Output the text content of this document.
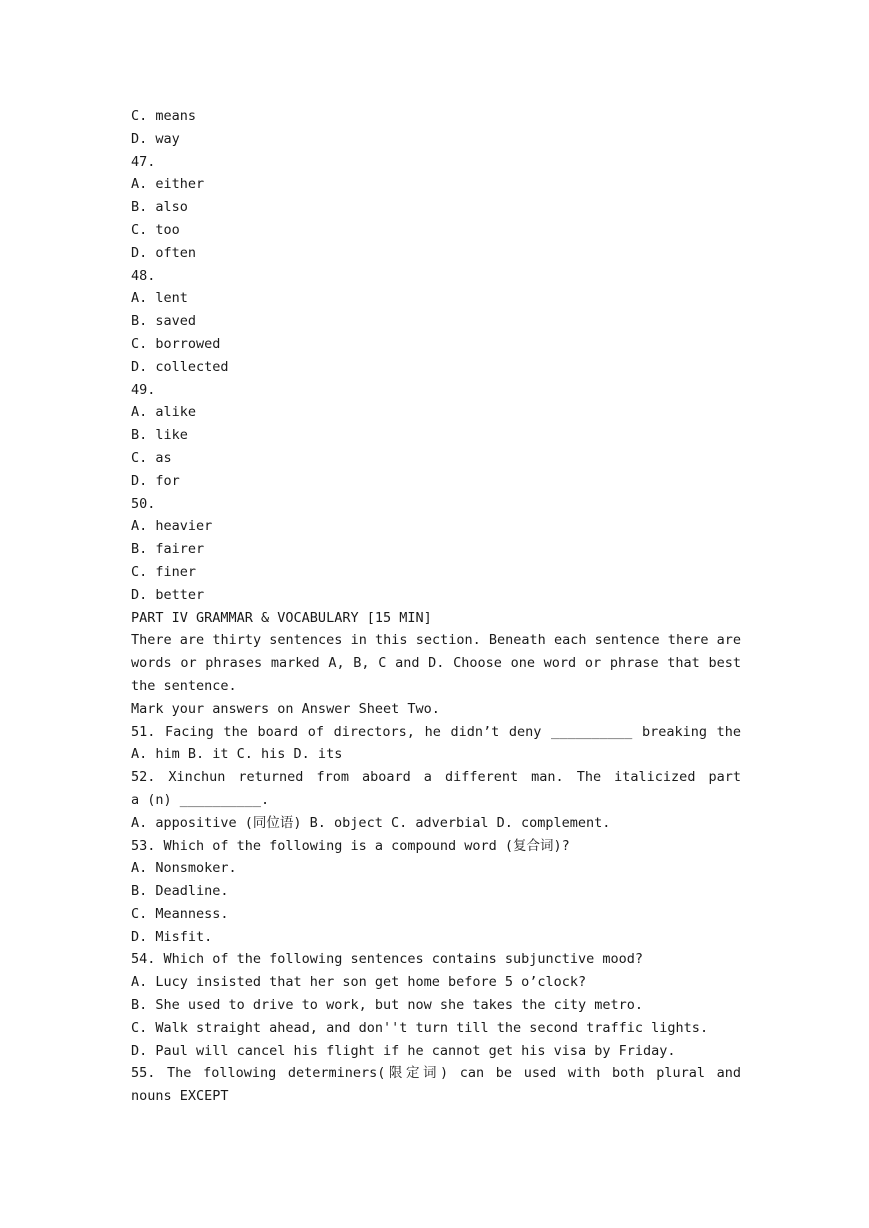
C. means
D. way
47.
A. either
B. also
C. too
D. often
48.
A. lent
B. saved
C. borrowed
D. collected
49.
A. alike
B. like
C. as
D. for
50.
A. heavier
B. fairer
C. finer
D. better
PART IV GRAMMAR & VOCABULARY [15 MIN]
There are thirty sentences in this section. Beneath each sentence there are
words or phrases marked A, B, C and D. Choose one word or phrase that best
the sentence.
Mark your answers on Answer Sheet Two.
51. Facing the board of directors, he didn’t deny __________ breaking the
A. him B. it C. his D. its
52. Xinchun returned from aboard a different man. The italicized part
a (n) __________.
A. appositive (同位语) B. object C. adverbial D. complement.
53. Which of the following is a compound word (复合词)?
A. Nonsmoker.
B. Deadline.
C. Meanness.
D. Misfit.
54. Which of the following sentences contains subjunctive mood?
A. Lucy insisted that her son get home before 5 o’clock?
B. She used to drive to work, but now she takes the city metro.
C. Walk straight ahead, and don''t turn till the second traffic lights.
D. Paul will cancel his flight if he cannot get his visa by Friday.
55. The following determiners(限定词) can be used with both plural and
nouns EXCEPT
